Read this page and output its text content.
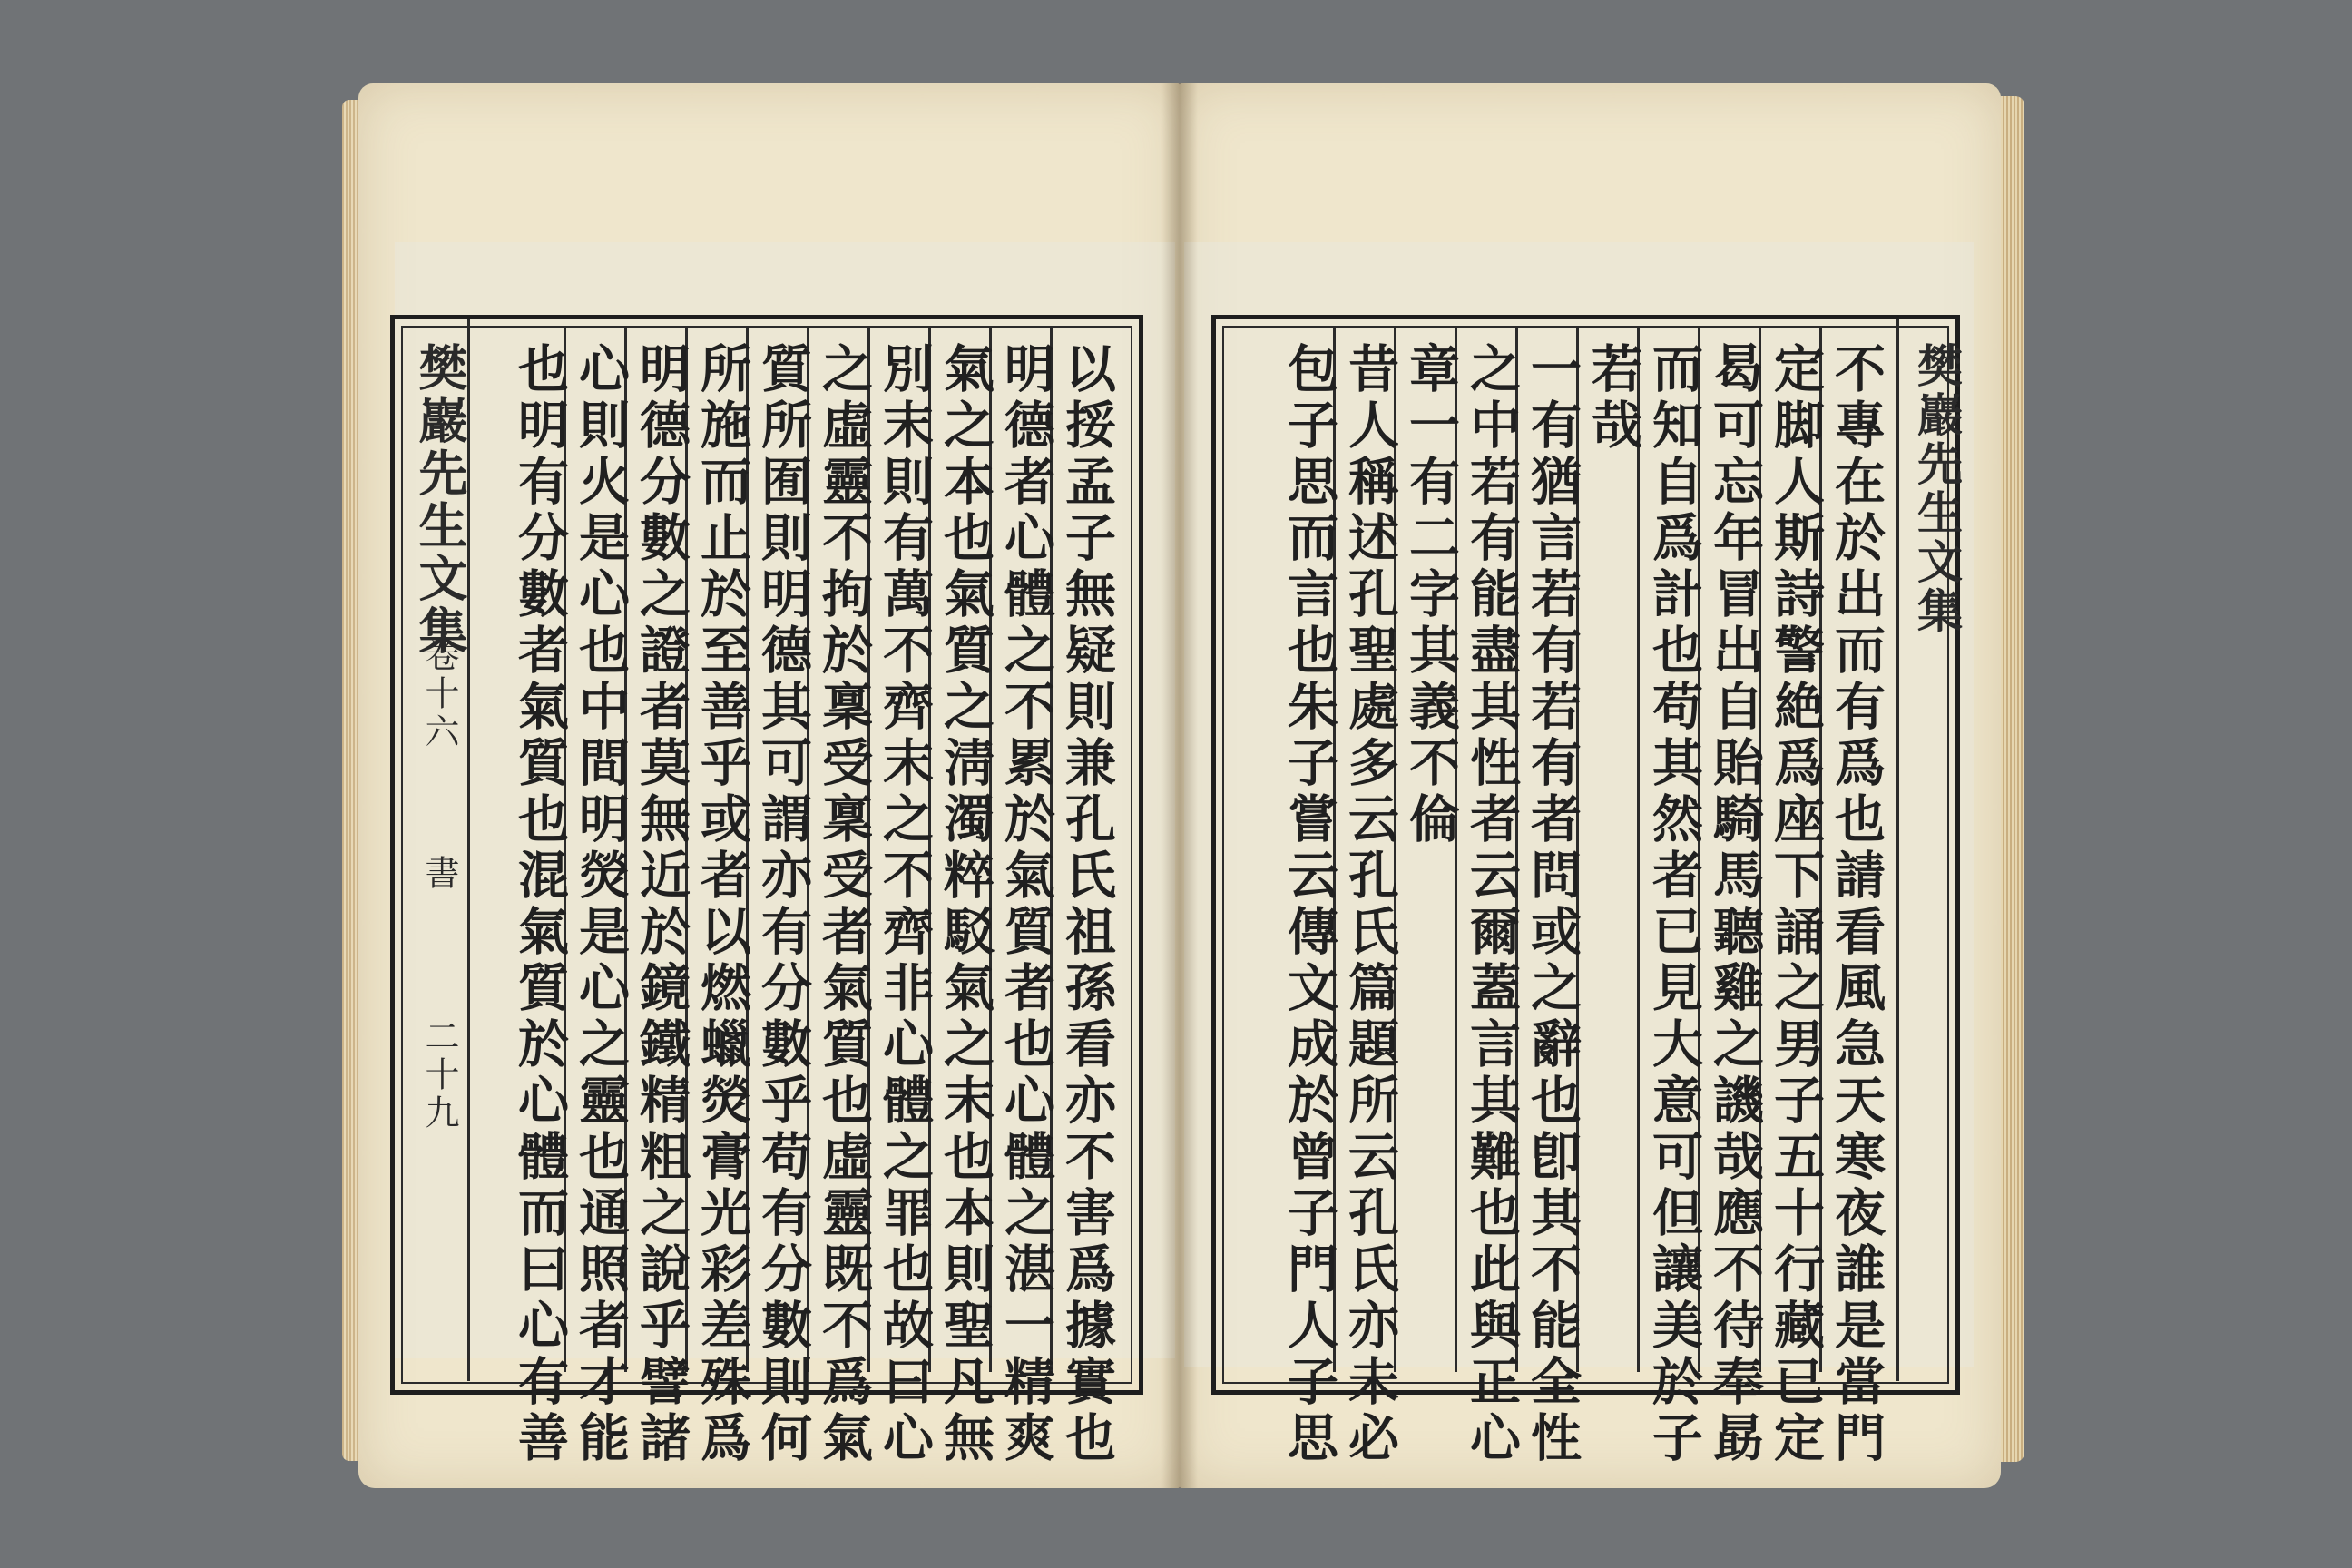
樊巖先生文集
卷十六
書
二十九	以挼孟子無疑則兼孔氏祖孫看亦不害爲據實也
明德者心體之不累於氣質者也心體之湛一精爽
氣之本也氣質之淸濁粹駁氣之末也本則聖凡無
別末則有萬不齊末之不齊非心體之罪也故曰心
之虛靈不拘於稟受稟受者氣質也虛靈既不爲氣
質所囿則明德其可謂亦有分數乎苟有分數則何
所施而止於至善乎或者以燃蠟熒膏光彩差殊爲
明德分數之證者莫無近於鏡鐵精粗之說乎譬諸
心則火是心也中間明熒是心之靈也通照者才能
也明有分數者氣質也混氣質於心體而曰心有善	樊巖先生文集
不專在於出而有爲也請看風急天寒夜誰是當門
定脚人斯詩警絶爲座下誦之男子五十行藏已定
曷可忘年冒出自貽騎馬聽雞之譏哉應不待奉勗
而知自爲計也苟其然者已見大意可但讓美於子
若哉
一有猶言若有若有者問或之辭也卽其不能全性
之中若有能盡其性者云爾蓋言其難也此與正心
章一有二字其義不倫
昔人稱述孔聖處多云孔氏篇題所云孔氏亦未必
包子思而言也朱子嘗云傳文成於曾子門人子思
